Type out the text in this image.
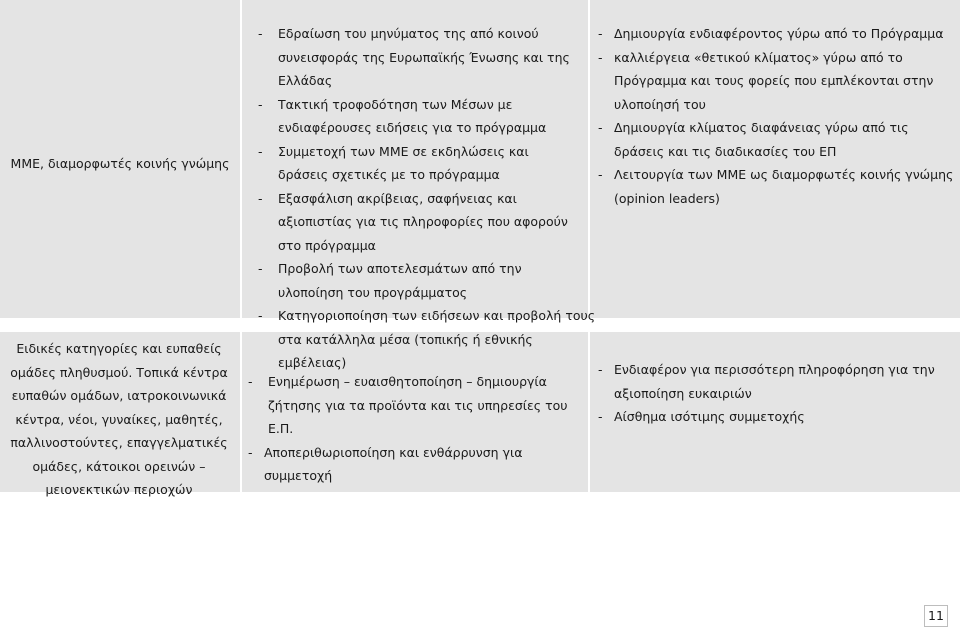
ΜΜΕ, διαμορφωτές κοινής γνώμης
- Εδραίωση του μηνύματος της από κοινού συνεισφοράς της Ευρωπαϊκής Ένωσης και της Ελλάδας
- Τακτική τροφοδότηση των Μέσων με ενδιαφέρουσες ειδήσεις για το πρόγραμμα
- Συμμετοχή των ΜΜΕ σε εκδηλώσεις και δράσεις σχετικές με το πρόγραμμα
- Εξασφάλιση ακρίβειας, σαφήνειας και αξιοπιστίας για τις πληροφορίες που αφορούν στο πρόγραμμα
- Προβολή των αποτελεσμάτων από την υλοποίηση του προγράμματος
- Κατηγοριοποίηση των ειδήσεων και προβολή τους στα κατάλληλα μέσα (τοπικής ή εθνικής εμβέλειας)
- Δημιουργία ενδιαφέροντος γύρω από το Πρόγραμμα
- καλλιέργεια «θετικού κλίματος» γύρω από το Πρόγραμμα και τους φορείς που εμπλέκονται στην υλοποίησή του
- Δημιουργία κλίματος διαφάνειας γύρω από τις δράσεις και τις διαδικασίες του ΕΠ
- Λειτουργία των ΜΜΕ ως διαμορφωτές κοινής γνώμης (opinion leaders)
Ειδικές κατηγορίες και ευπαθείς ομάδες πληθυσμού. Τοπικά κέντρα ευπαθών ομάδων, ιατροκοινωνικά κέντρα, νέοι, γυναίκες, μαθητές, παλλινοστούντες, επαγγελματικές ομάδες, κάτοικοι ορεινών – μειονεκτικών περιοχών
- Ενημέρωση – ευαισθητοποίηση – δημιουργία ζήτησης για τα προϊόντα και τις υπηρεσίες του Ε.Π.
- Αποπεριθωριοποίηση και ενθάρρυνση για συμμετοχή
- Ενδιαφέρον για περισσότερη πληροφόρηση για την αξιοποίηση ευκαιριών
- Αίσθημα ισότιμης συμμετοχής
11
